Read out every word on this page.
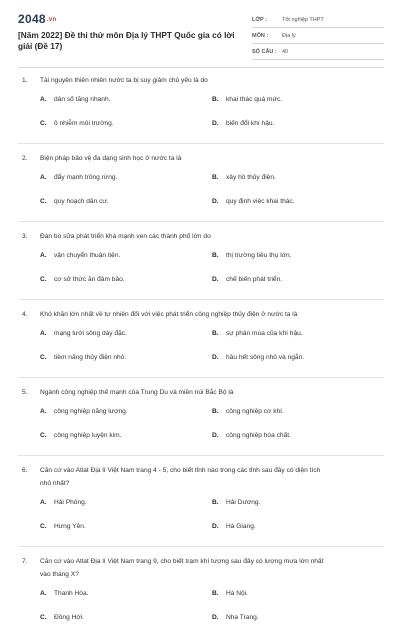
2048.vn
[Năm 2022] Đề thi thử môn Địa lý THPT Quốc gia có lời giải (Đề 17)
LỚP :	Tốt nghiệp THPT
MÔN :	Địa lý
SỐ CÂU : 40
1. Tài nguyên thiên nhiên nước ta bị suy giảm chủ yếu là do
A. dân số tăng nhanh.	B. khai thác quá mức.
C. ô nhiễm môi trường.	D. biến đổi khí hậu.
2. Biện pháp bảo vệ đa dạng sinh học ở nước ta là
A. đẩy mạnh trồng rừng.	B. xây hồ thủy điện.
C. quy hoạch dân cư.	D. quy định việc khai thác.
3. Đàn bò sữa phát triển khá mạnh ven các thành phố lớn do
A. vận chuyển thuận tiện.	B. thị trường tiêu thụ lớn.
C. cơ sở thức ăn đảm bảo.	D. chế biến phát triển.
4. Khó khăn lớn nhất về tự nhiên đối với việc phát triển công nghiệp thủy điện ở nước ta là
A. mạng lưới sông dày đặc.	B. sự phân mùa của khí hậu.
C. tiềm năng thủy điện nhỏ.	D. hầu hết sông nhỏ và ngắn.
5. Ngành công nghiệp thế mạnh của Trung Du và miền núi Bắc Bộ là
A. công nghiệp năng lượng.	B. công nghiệp cơ khí.
C. công nghiệp luyện kim.	D. công nghiệp hóa chất.
6. Căn cứ vào Atlat Địa lí Việt Nam trang 4 - 5, cho biết tỉnh nào trong các tỉnh sau đây có diện tích
nhỏ nhất?
A. Hải Phòng.	B. Hải Dương.
C. Hưng Yên.	D. Hà Giang.
7. Căn cứ vào Atlat Địa lí Việt Nam trang 9, cho biết trạm khí tượng sau đây có lượng mưa lớn nhất
vào tháng X?
A. Thanh Hóa.	B. Hà Nội.
C. Đồng Hới.	D. Nha Trang.
